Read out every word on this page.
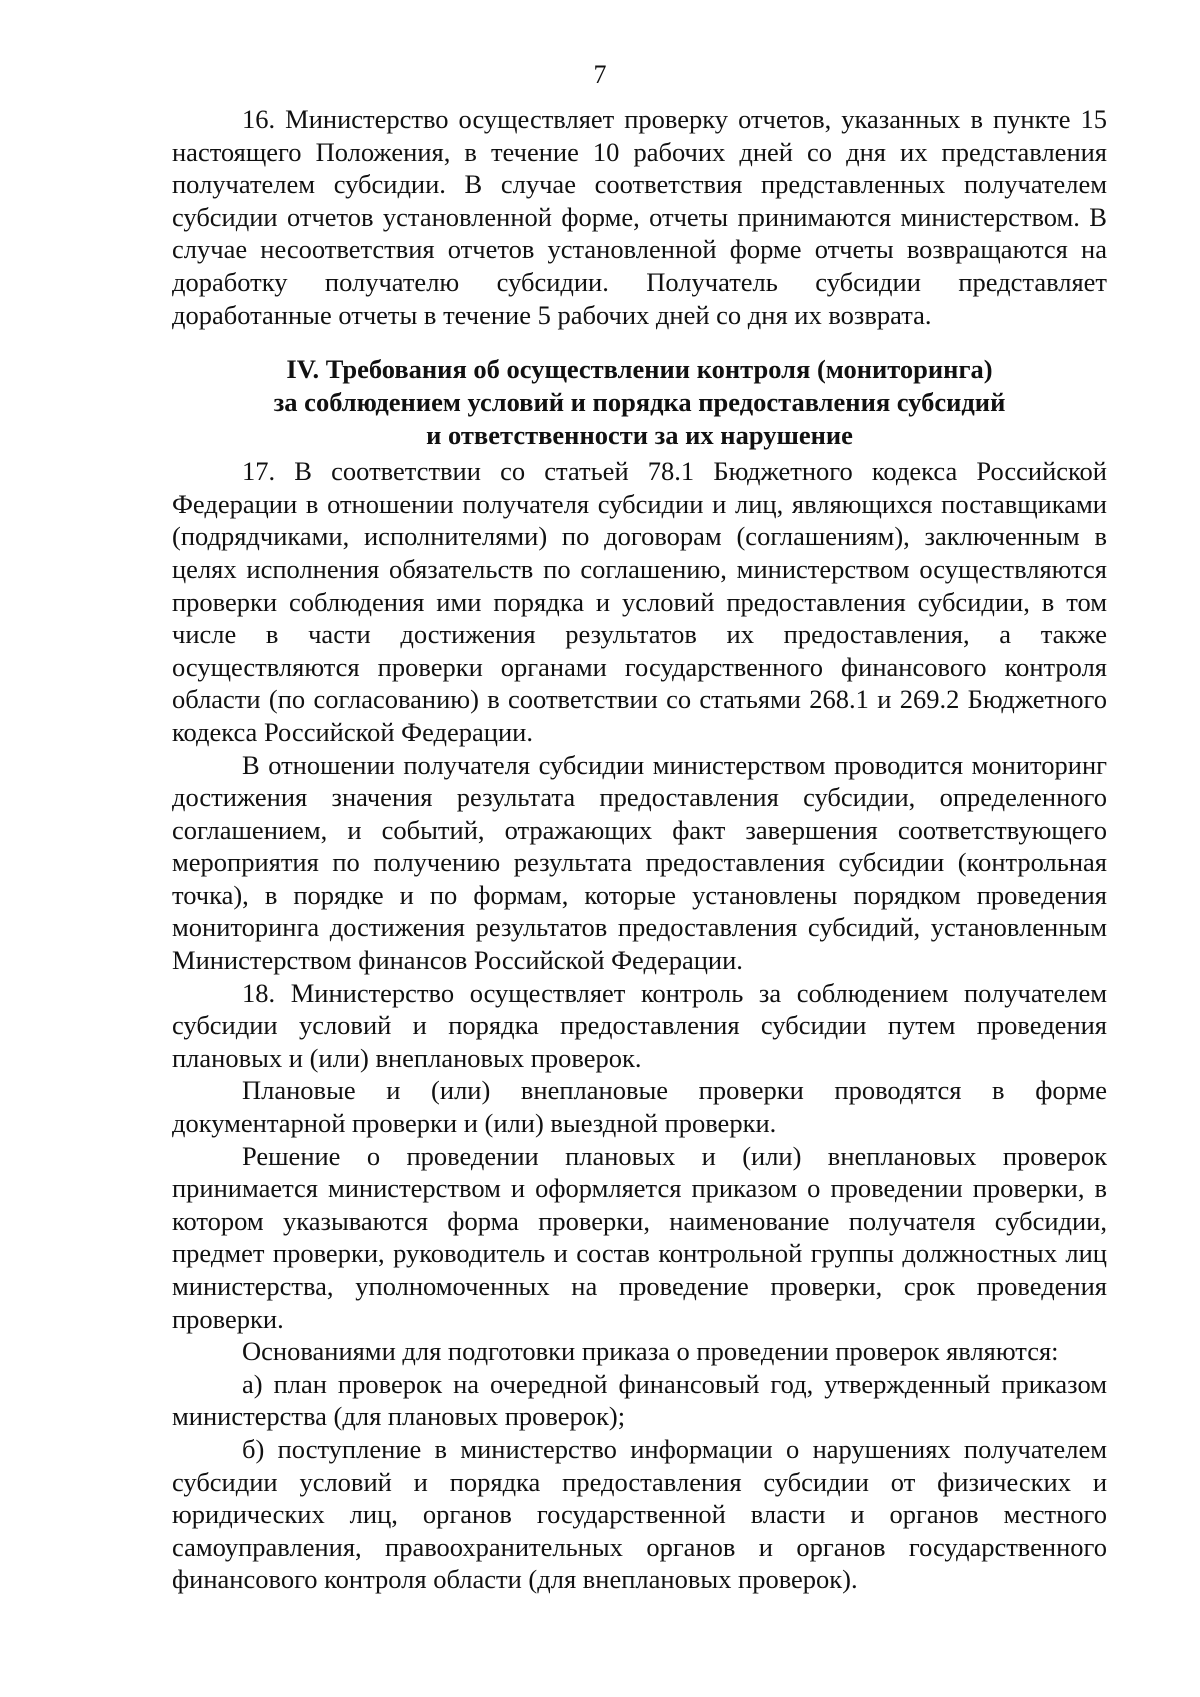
7

16. Министерство осуществляет проверку отчетов, указанных в пункте 15 настоящего Положения, в течение 10 рабочих дней со дня их представления получателем субсидии. В случае соответствия представленных получателем субсидии отчетов установленной форме, отчеты принимаются министерством. В случае несоответствия отчетов установленной форме отчеты возвращаются на доработку получателю субсидии. Получатель субсидии представляет доработанные отчеты в течение 5 рабочих дней со дня их возврата.

IV. Требования об осуществлении контроля (мониторинга)
за соблюдением условий и порядка предоставления субсидий
и ответственности за их нарушение

17. В соответствии со статьей 78.1 Бюджетного кодекса Российской Федерации в отношении получателя субсидии и лиц, являющихся поставщиками (подрядчиками, исполнителями) по договорам (соглашениям), заключенным в целях исполнения обязательств по соглашению, министерством осуществляются проверки соблюдения ими порядка и условий предоставления субсидии, в том числе в части достижения результатов их предоставления, а также осуществляются проверки органами государственного финансового контроля области (по согласованию) в соответствии со статьями 268.1 и 269.2 Бюджетного кодекса Российской Федерации.

В отношении получателя субсидии министерством проводится мониторинг достижения значения результата предоставления субсидии, определенного соглашением, и событий, отражающих факт завершения соответствующего мероприятия по получению результата предоставления субсидии (контрольная точка), в порядке и по формам, которые установлены порядком проведения мониторинга достижения результатов предоставления субсидий, установленным Министерством финансов Российской Федерации.

18. Министерство осуществляет контроль за соблюдением получателем субсидии условий и порядка предоставления субсидии путем проведения плановых и (или) внеплановых проверок.

Плановые и (или) внеплановые проверки проводятся в форме документарной проверки и (или) выездной проверки.

Решение о проведении плановых и (или) внеплановых проверок принимается министерством и оформляется приказом о проведении проверки, в котором указываются форма проверки, наименование получателя субсидии, предмет проверки, руководитель и состав контрольной группы должностных лиц министерства, уполномоченных на проведение проверки, срок проведения проверки.

Основаниями для подготовки приказа о проведении проверок являются:

а) план проверок на очередной финансовый год, утвержденный приказом министерства (для плановых проверок);

б) поступление в министерство информации о нарушениях получателем субсидии условий и порядка предоставления субсидии от физических и юридических лиц, органов государственной власти и органов местного самоуправления, правоохранительных органов и органов государственного финансового контроля области (для внеплановых проверок).
